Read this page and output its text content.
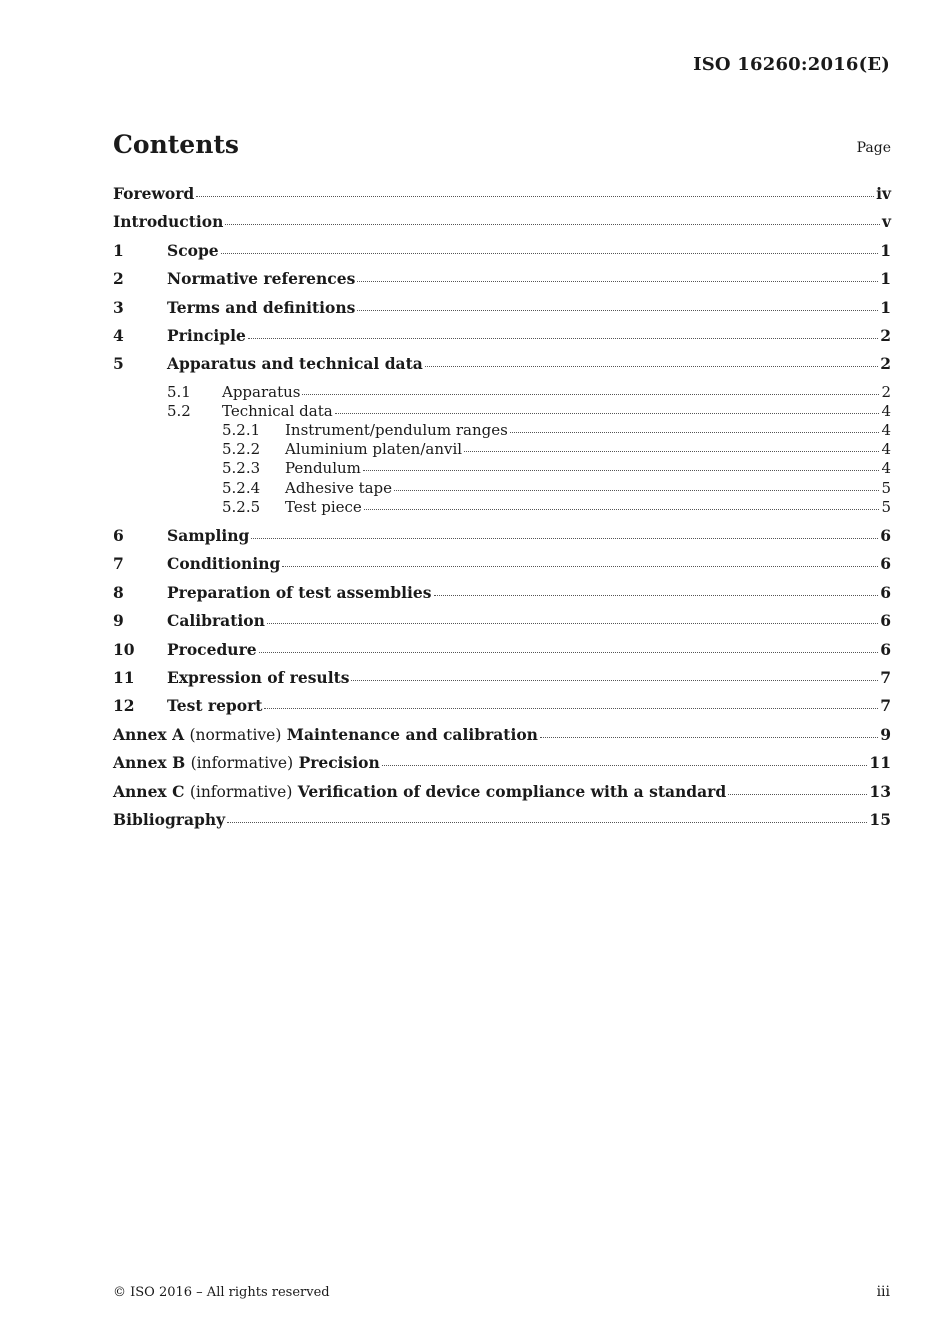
ISO 16260:2016(E)
Contents	Page
Foreword	iv
Introduction	v
1	Scope	1
2	Normative references	1
3	Terms and definitions	1
4	Principle	2
5	Apparatus and technical data	2
5.1	Apparatus	2
5.2	Technical data	4
5.2.1	Instrument/pendulum ranges	4
5.2.2	Aluminium platen/anvil	4
5.2.3	Pendulum	4
5.2.4	Adhesive tape	5
5.2.5	Test piece	5
6	Sampling	6
7	Conditioning	6
8	Preparation of test assemblies	6
9	Calibration	6
10	Procedure	6
11	Expression of results	7
12	Test report	7
Annex A (normative) Maintenance and calibration	9
Annex B (informative) Precision	11
Annex C (informative) Verification of device compliance with a standard	13
Bibliography	15
© ISO 2016 – All rights reserved	iii
